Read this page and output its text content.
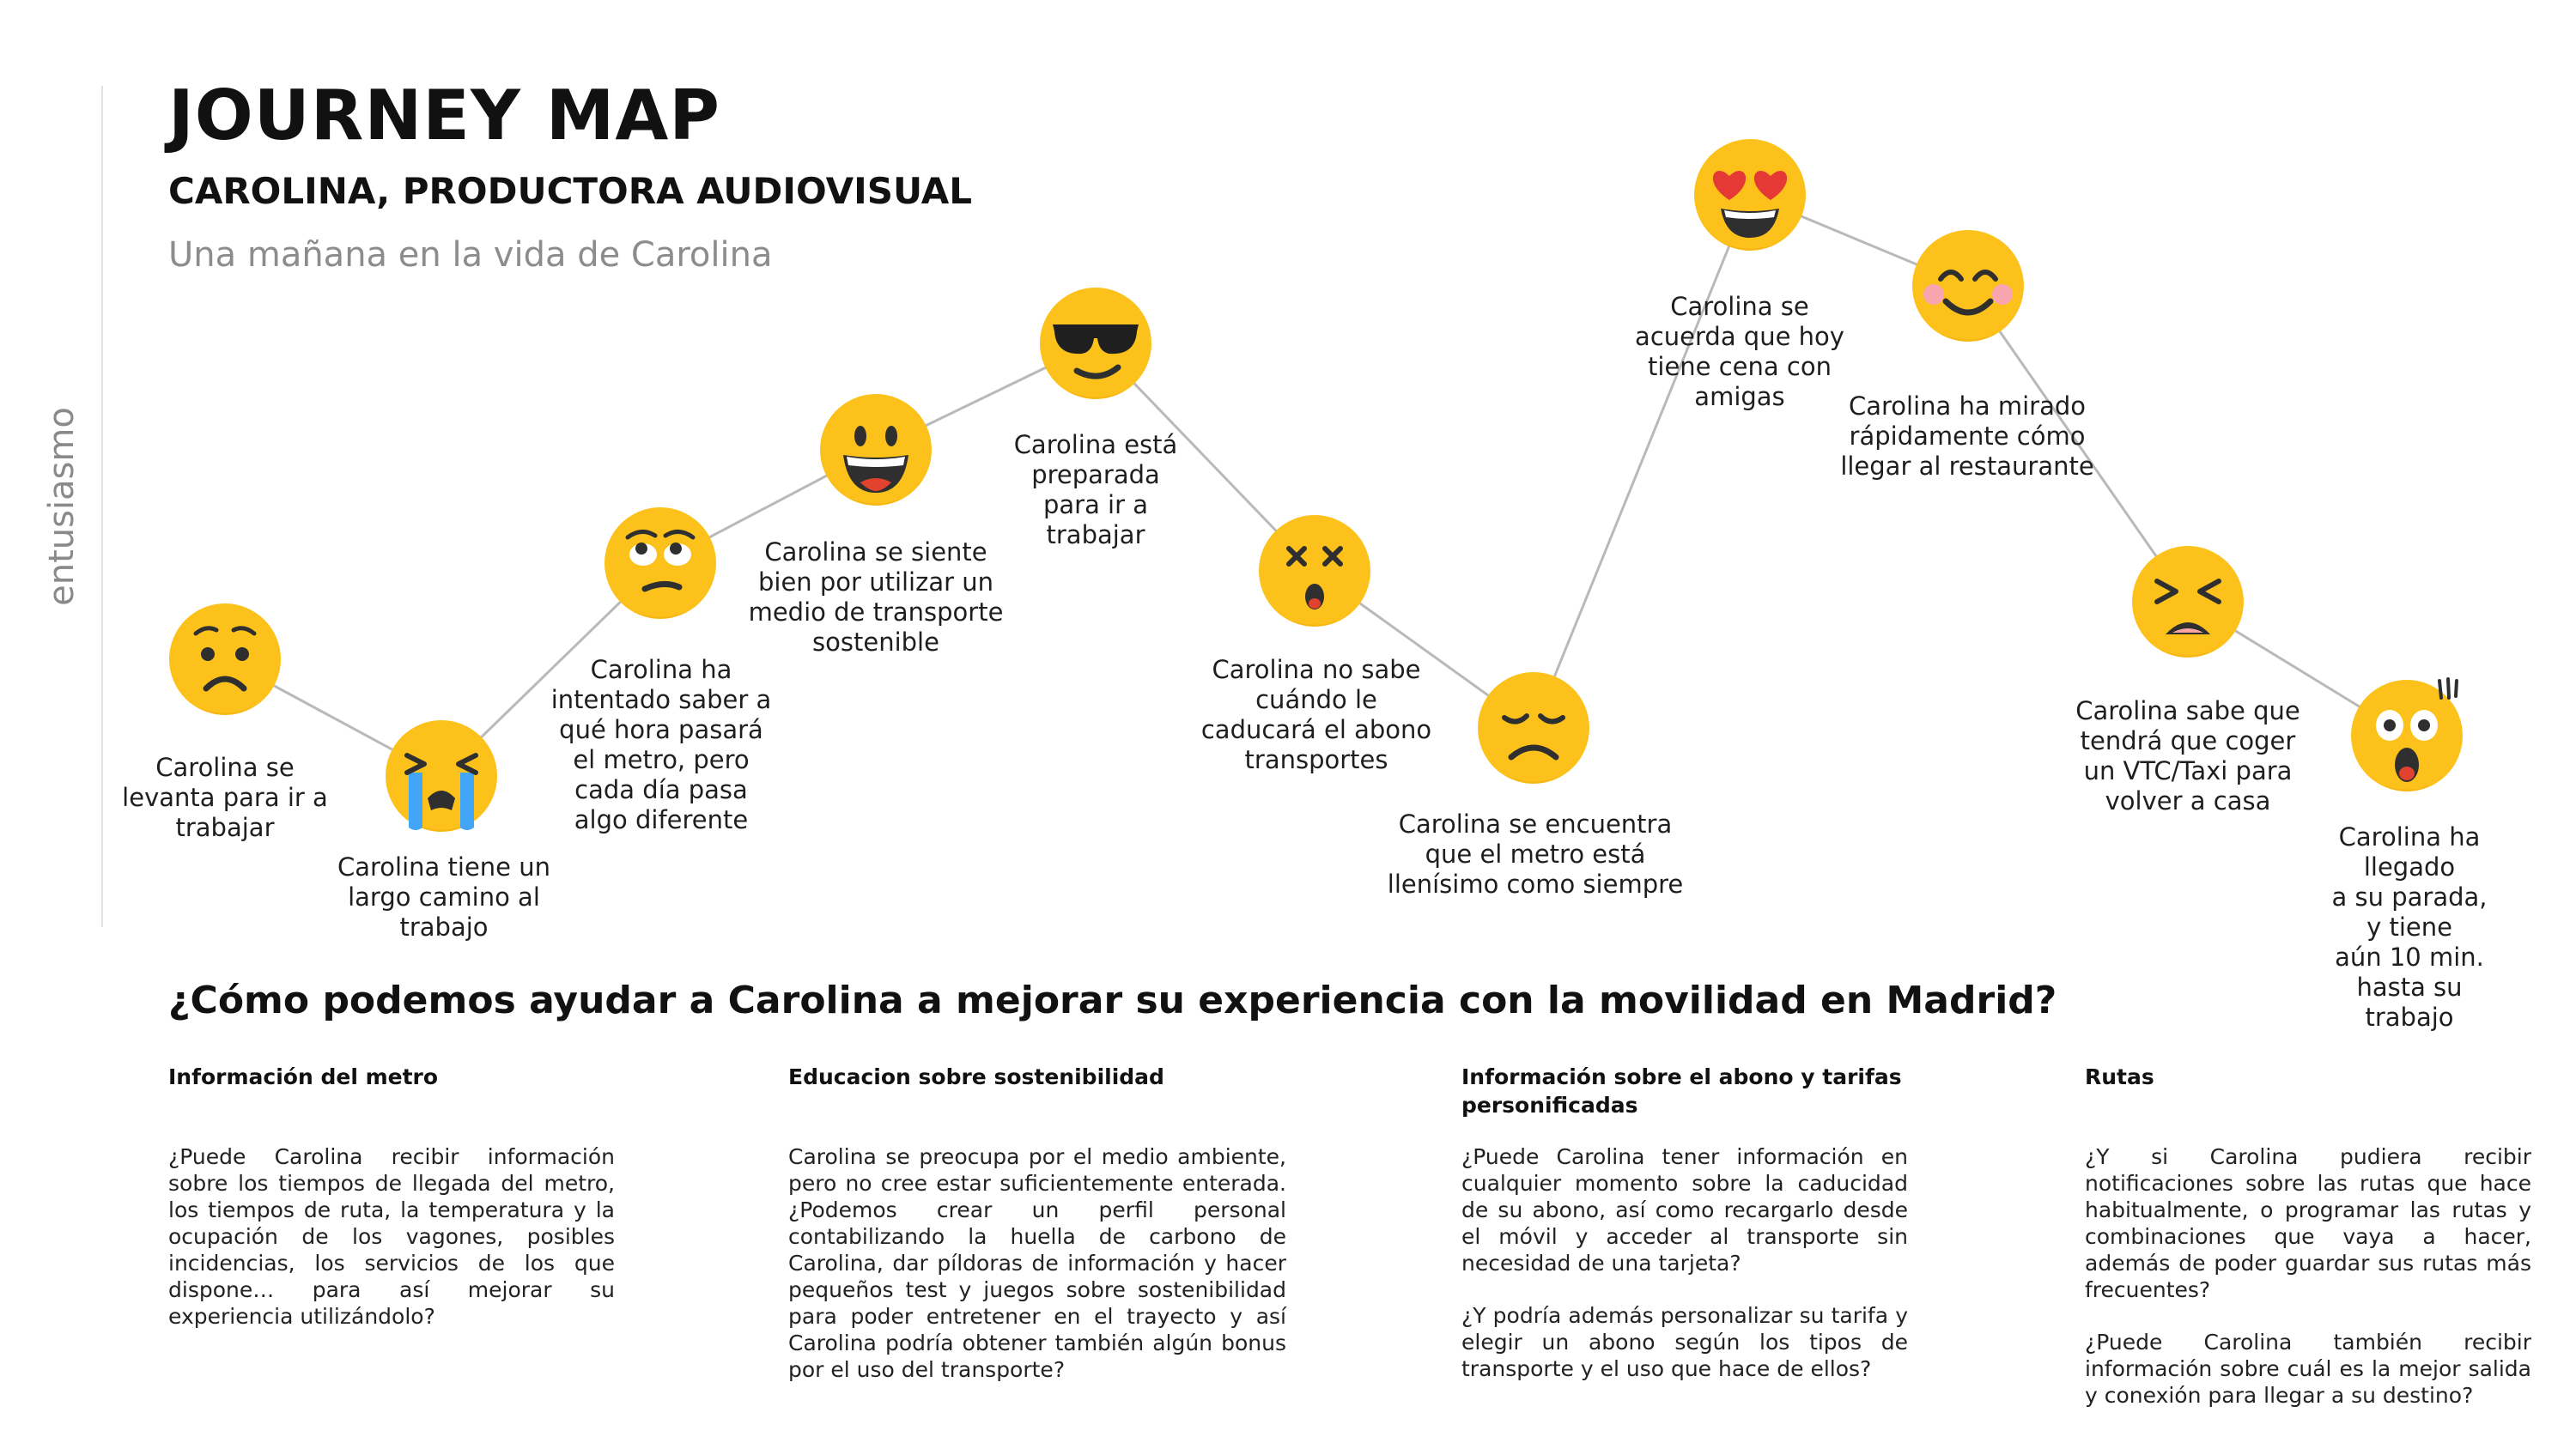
JOURNEY MAP
CAROLINA, PRODUCTORA AUDIOVISUAL
Una mañana en la vida de Carolina
entusiasmo
Carolina se
levanta para ir a
trabajar
Carolina tiene un
largo camino al
trabajo
Carolina ha
intentado saber a
qué hora pasará
el metro, pero
cada día pasa
algo diferente
Carolina se siente
bien por utilizar un
medio de transporte
sostenible
Carolina está
preparada
para ir a
trabajar
Carolina no sabe
cuándo le
caducará el abono
transportes
Carolina se encuentra
que el metro está
llenísimo como siempre
Carolina se
acuerda que hoy
tiene cena con
amigas	Carolina ha mirado
rápidamente cómo
llegar al restaurante
Carolina sabe que
tendrá que coger
un VTC/Taxi para
volver a casa
Carolina ha llegado
a su parada, y tiene
aún 10 min. hasta su
trabajo
¿Cómo podemos ayudar a Carolina a mejorar su experiencia con la movilidad en Madrid?
Información del metro

¿Puede Carolina recibir información sobre los tiempos de llegada del metro, los tiempos de ruta, la temperatura y la ocupación de los vagones, posibles incidencias, los servicios de los que dispone… para así mejorar su experiencia utilizándolo?

Educacion sobre sostenibilidad

Carolina se preocupa por el medio ambiente, pero no cree estar suficientemente enterada. ¿Podemos crear un perfil personal contabilizando la huella de carbono de Carolina, dar píldoras de información y hacer pequeños test y juegos sobre sostenibilidad para poder entretener en el trayecto y así Carolina podría obtener también algún bonus por el uso del transporte?

Información sobre el abono y tarifas personificadas

¿Puede Carolina tener información en cualquier momento sobre la caducidad de su abono, así como recargarlo desde el móvil y acceder al transporte sin necesidad de una tarjeta?

¿Y podría además personalizar su tarifa y elegir un abono según los tipos de transporte y el uso que hace de ellos?

Rutas

¿Y si Carolina pudiera recibir notificaciones sobre las rutas que hace habitualmente, o programar las rutas y combinaciones que vaya a hacer, además de poder guardar sus rutas más frecuentes?

¿Puede Carolina también recibir información sobre cuál es la mejor salida y conexión para llegar a su destino?
